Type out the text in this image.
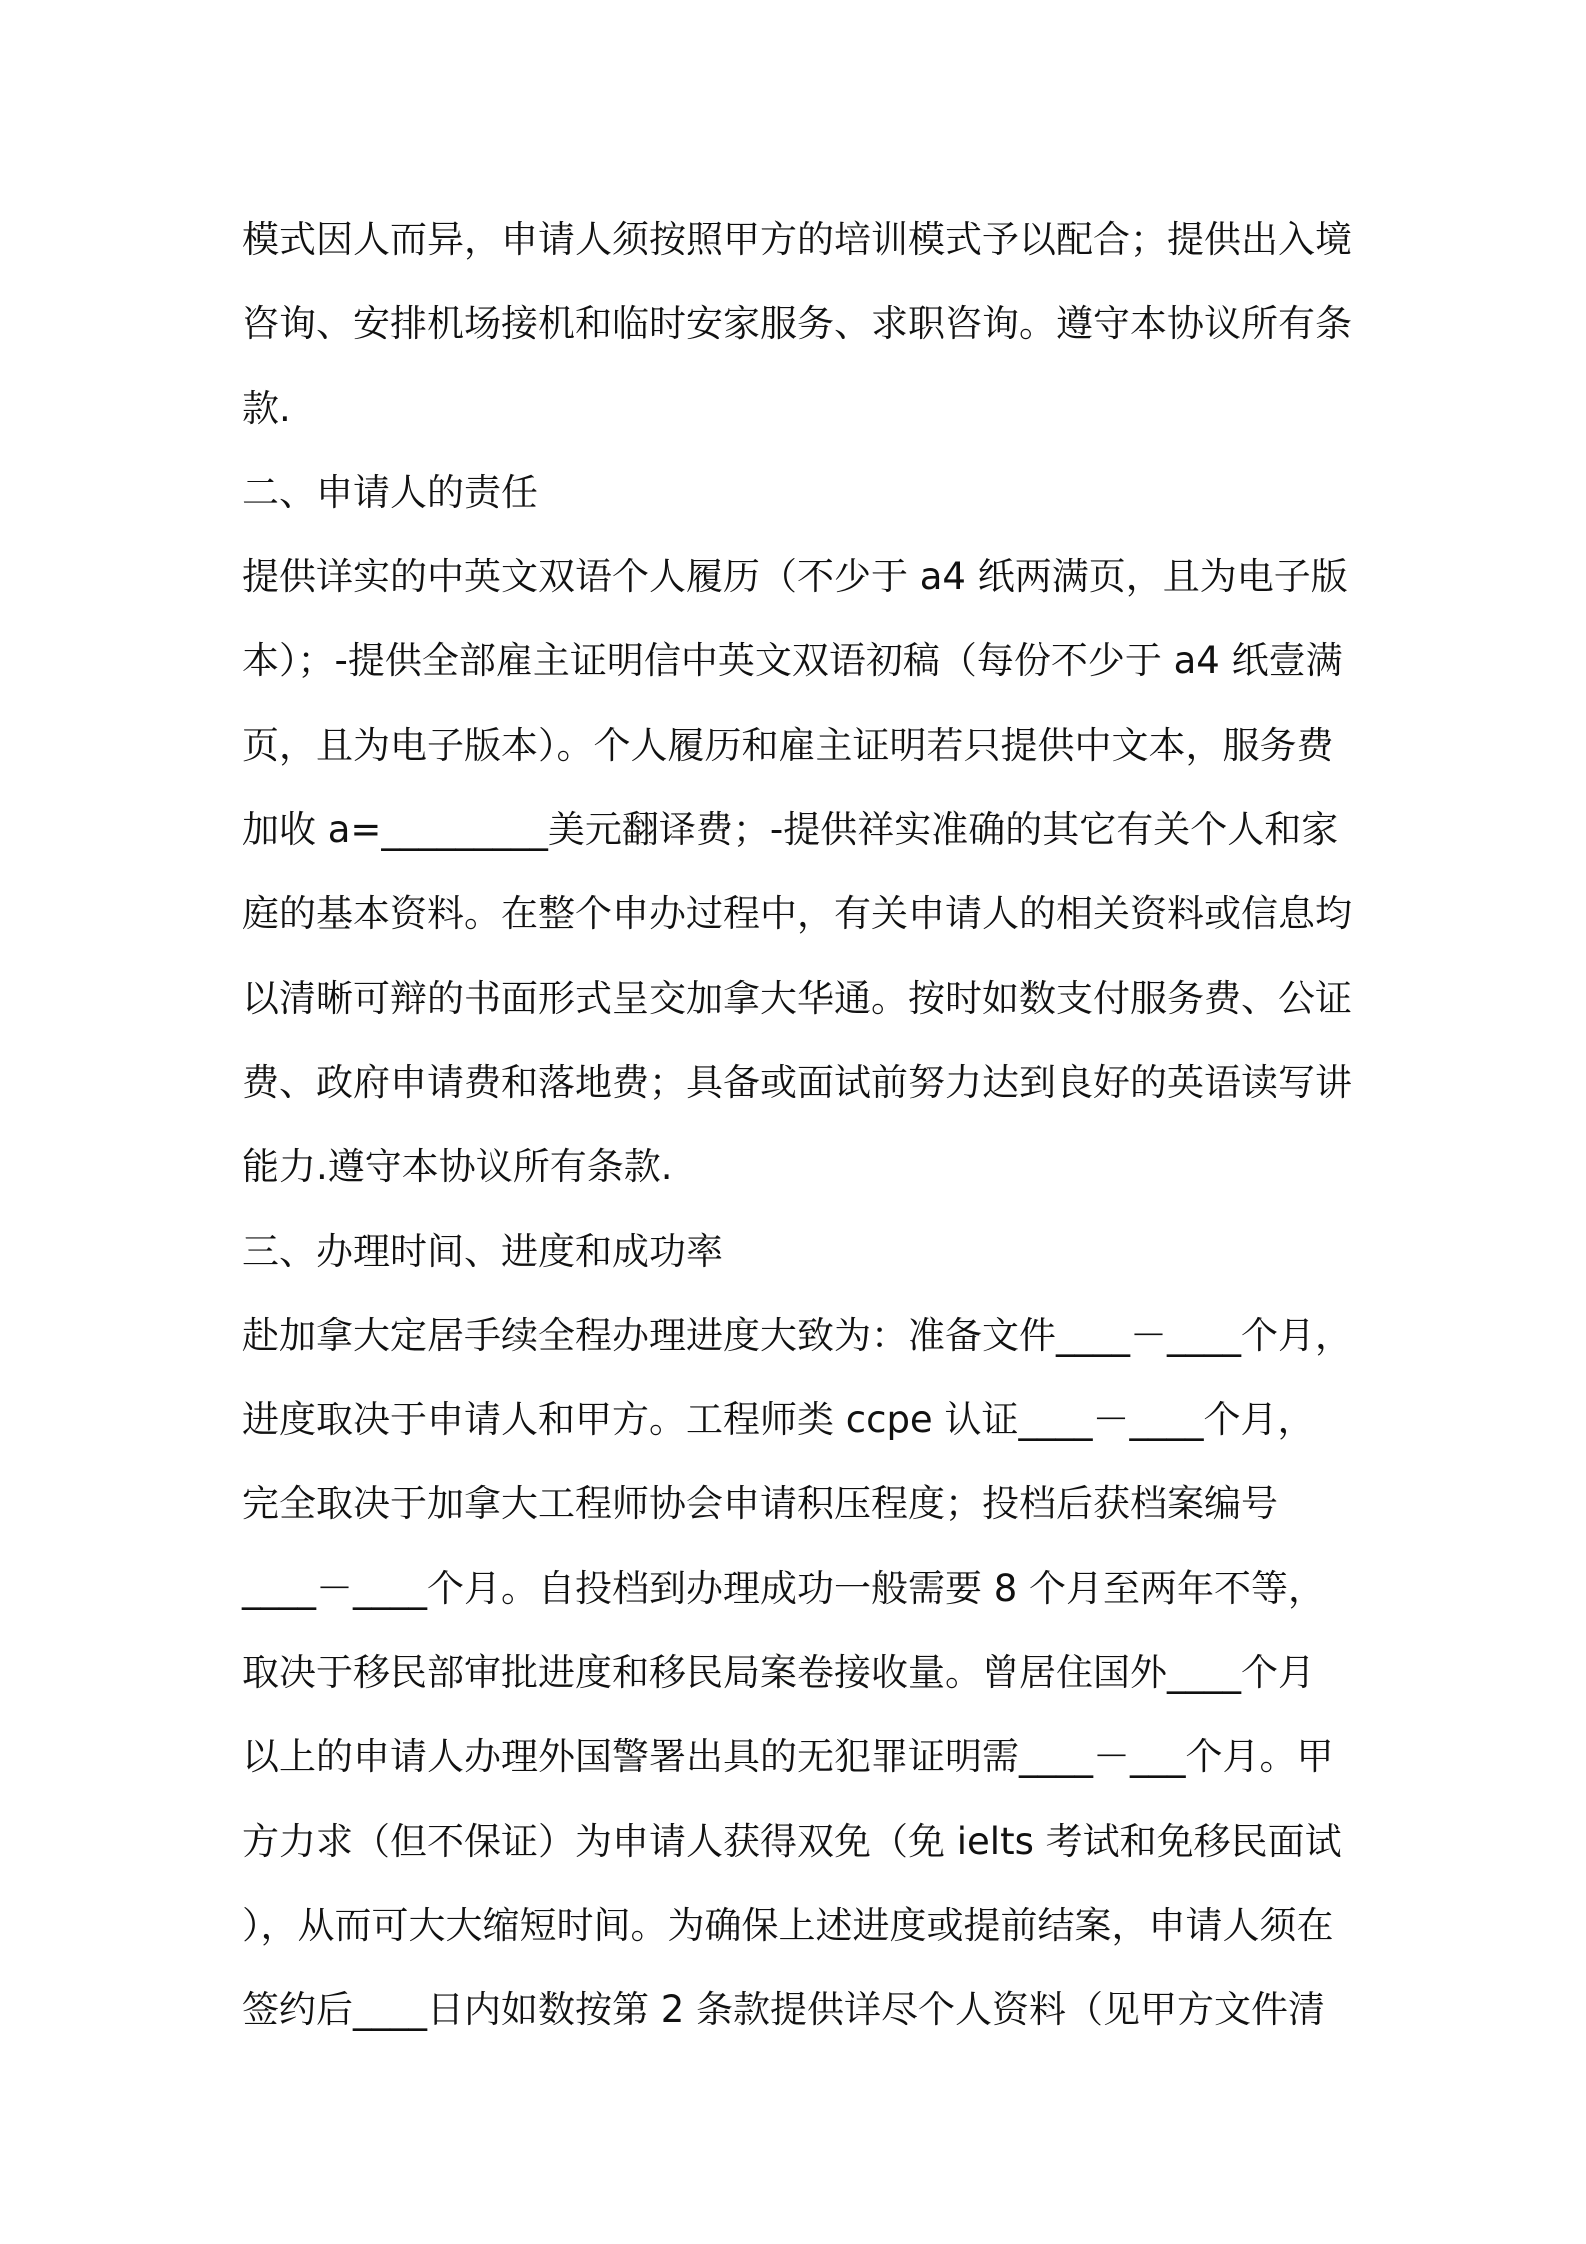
模式因人而异，申请人须按照甲方的培训模式予以配合；提供出入境
咨询、安排机场接机和临时安家服务、求职咨询。遵守本协议所有条
款.
二、申请人的责任
提供详实的中英文双语个人履历（不少于 a4 纸两满页，且为电子版
本）；-提供全部雇主证明信中英文双语初稿（每份不少于 a4 纸壹满
页，且为电子版本）。个人履历和雇主证明若只提供中文本，服务费
加收 a=_________美元翻译费；-提供祥实准确的其它有关个人和家
庭的基本资料。在整个申办过程中，有关申请人的相关资料或信息均
以清晰可辩的书面形式呈交加拿大华通。按时如数支付服务费、公证
费、政府申请费和落地费；具备或面试前努力达到良好的英语读写讲
能力.遵守本协议所有条款.
三、办理时间、进度和成功率
赴加拿大定居手续全程办理进度大致为：准备文件____－____个月，
进度取决于申请人和甲方。工程师类 ccpe 认证____－____个月，
完全取决于加拿大工程师协会申请积压程度；投档后获档案编号
____－____个月。自投档到办理成功一般需要 8 个月至两年不等，
取决于移民部审批进度和移民局案卷接收量。曾居住国外____个月
以上的申请人办理外国警署出具的无犯罪证明需____－___个月。甲
方力求（但不保证）为申请人获得双免（免 ielts 考试和免移民面试
），从而可大大缩短时间。为确保上述进度或提前结案，申请人须在
签约后____日内如数按第 2 条款提供详尽个人资料（见甲方文件清
